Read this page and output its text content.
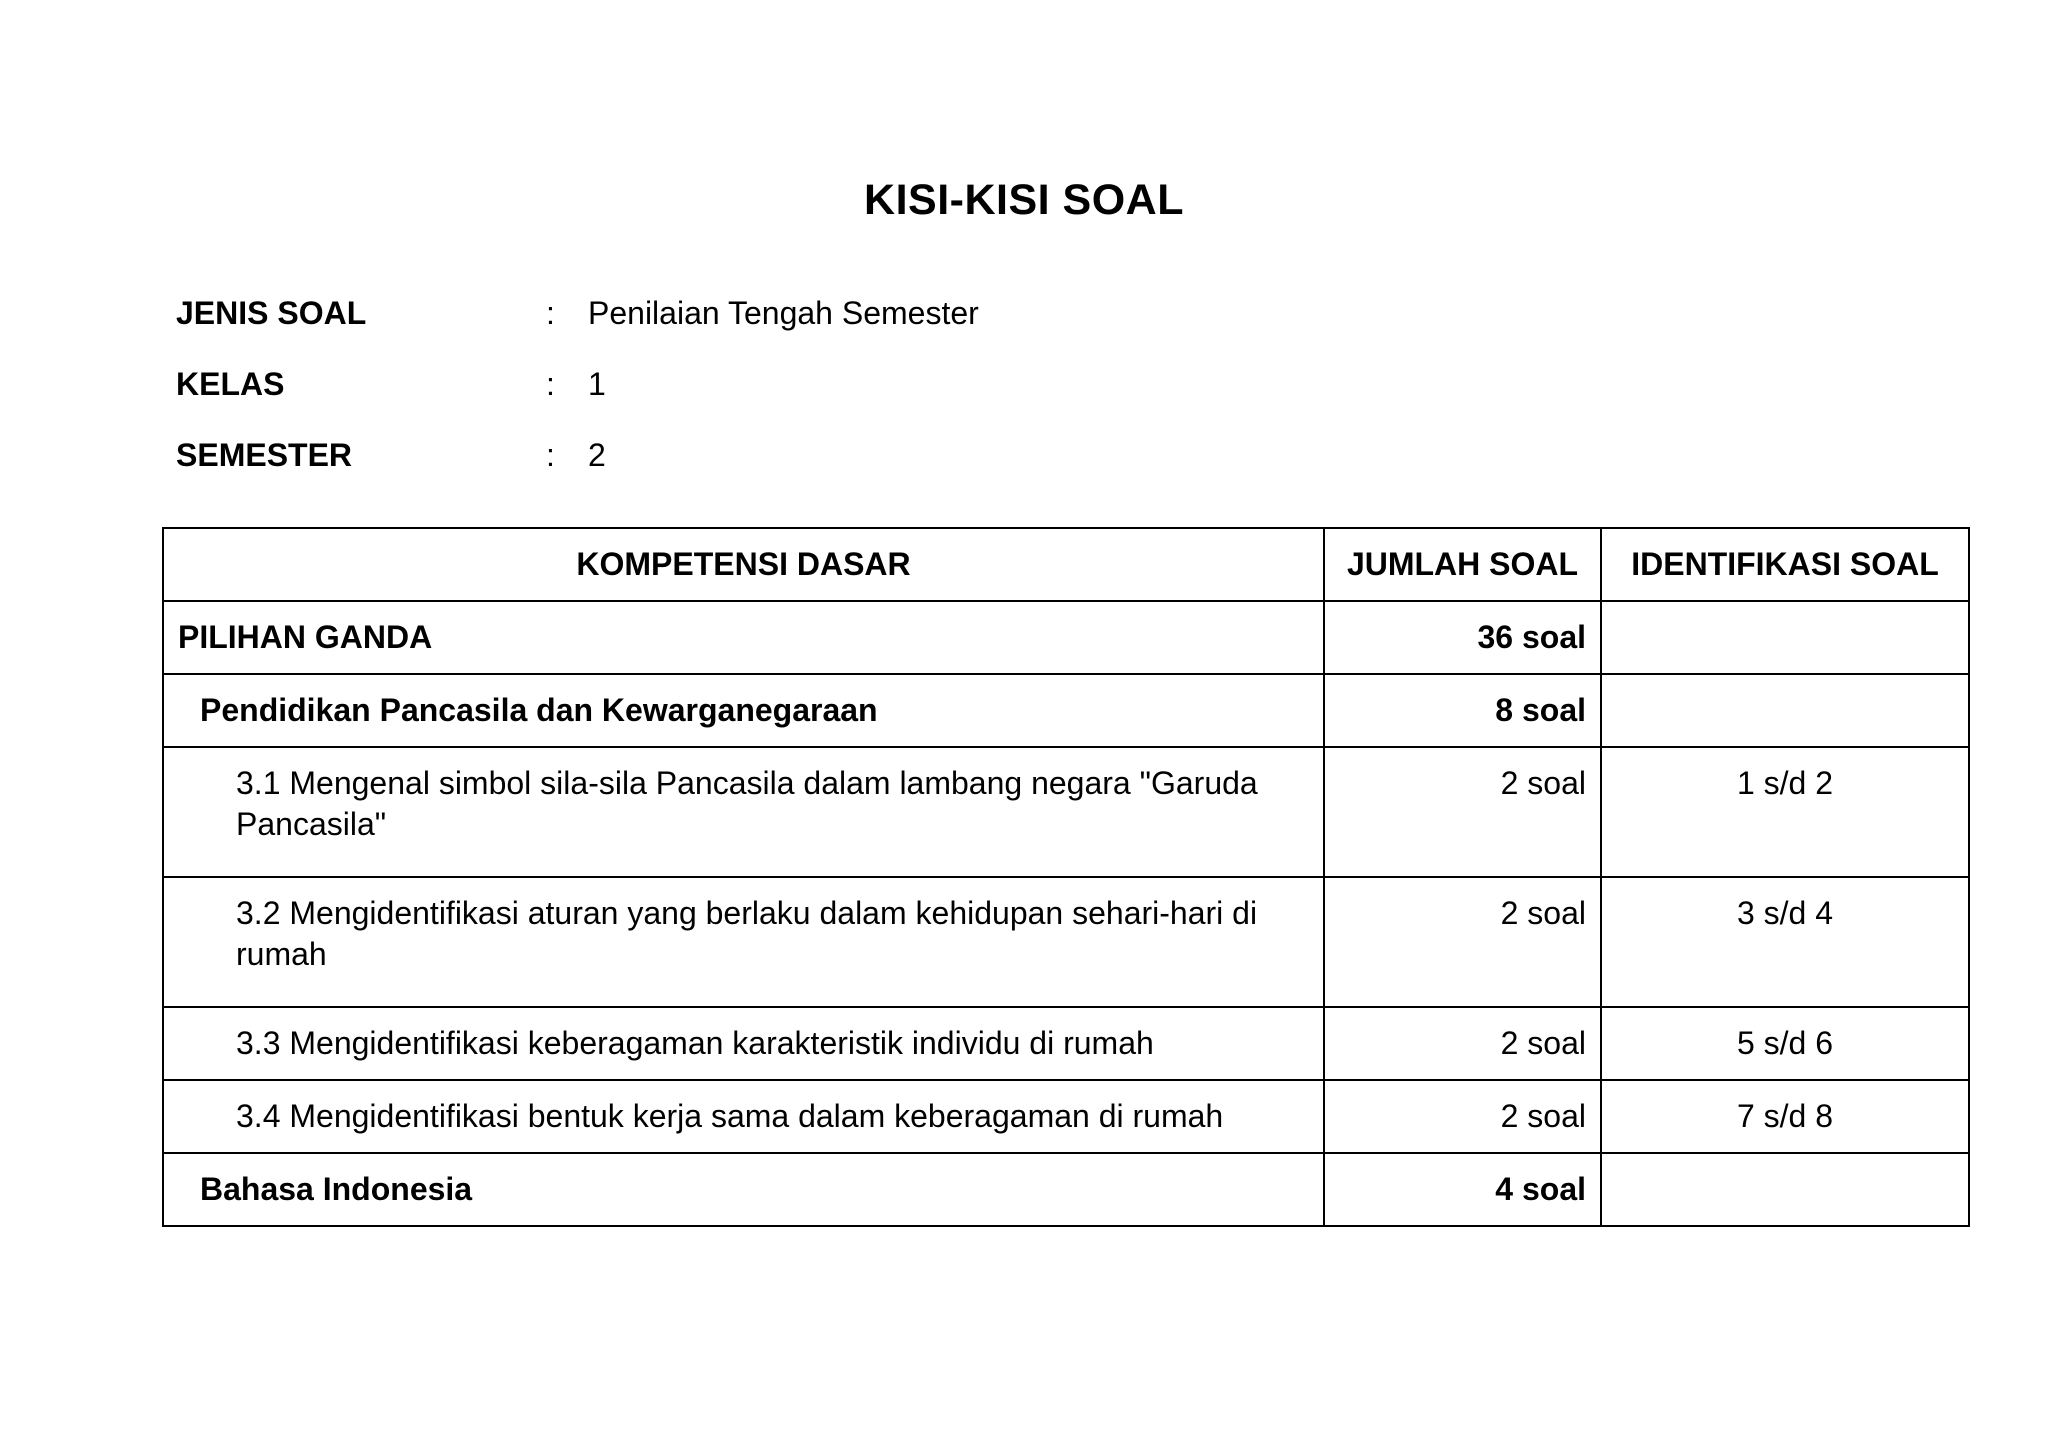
KISI-KISI SOAL
JENIS SOAL	:	Penilaian Tengah Semester
KELAS	:	1
SEMESTER	:	2
KOMPETENSI DASAR	JUMLAH SOAL	IDENTIFIKASI SOAL
PILIHAN GANDA	36 soal	
Pendidikan Pancasila dan Kewarganegaraan	8 soal	
3.1 Mengenal simbol sila-sila Pancasila dalam lambang negara "Garuda Pancasila"	2 soal	1 s/d 2
3.2 Mengidentifikasi aturan yang berlaku dalam kehidupan sehari-hari di rumah	2 soal	3 s/d 4
3.3 Mengidentifikasi keberagaman karakteristik individu di rumah	2 soal	5 s/d 6
3.4 Mengidentifikasi bentuk kerja sama dalam keberagaman di rumah	2 soal	7 s/d 8
Bahasa Indonesia	4 soal	
